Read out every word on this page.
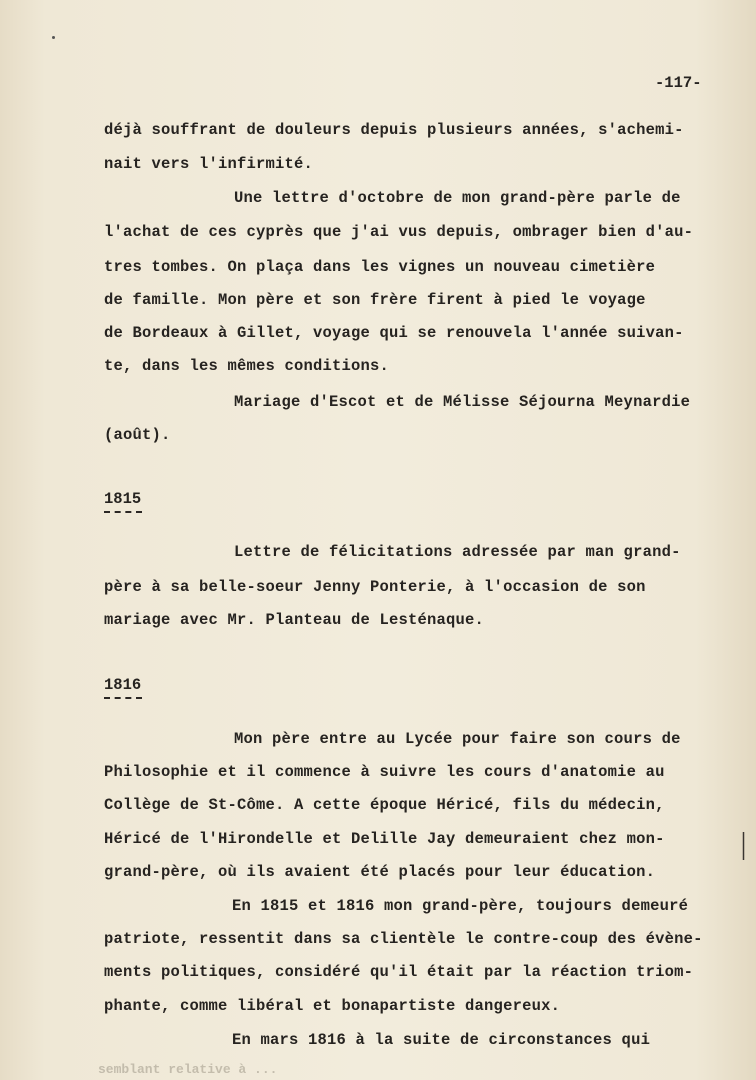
-117-
déjà souffrant de douleurs depuis plusieurs années, s'achemi-
nait vers l'infirmité.
Une lettre d'octobre de mon grand-père parle de
l'achat de ces cyprès que j'ai vus depuis, ombrager bien d'au-
tres tombes. On plaça dans les vignes un nouveau cimetière
de famille. Mon père et son frère firent à pied le voyage
de Bordeaux à Gillet, voyage qui se renouvela l'année suivan-
te, dans les mêmes conditions.
Mariage d'Escot et de Mélisse Séjourna Meynardie
(août).
1815
Lettre de félicitations adressée par man grand-
père à sa belle-soeur Jenny Ponterie, à l'occasion de son
mariage avec Mr. Planteau de Lesténaque.
1816
Mon père entre au Lycée pour faire son cours de
Philosophie et il commence à suivre les cours d'anatomie au
Collège de St-Côme. A cette époque Héricé, fils du médecin,
Héricé de l'Hirondelle et Delille Jay demeuraient chez mon-
grand-père, où ils avaient été placés pour leur éducation.
En 1815 et 1816 mon grand-père, toujours demeuré
patriote, ressentit dans sa clientèle le contre-coup des évène-
ments politiques, considéré qu'il était par la réaction triom-
phante, comme libéral et bonapartiste dangereux.
En mars 1816 à la suite de circonstances qui
semblant relative à ...
